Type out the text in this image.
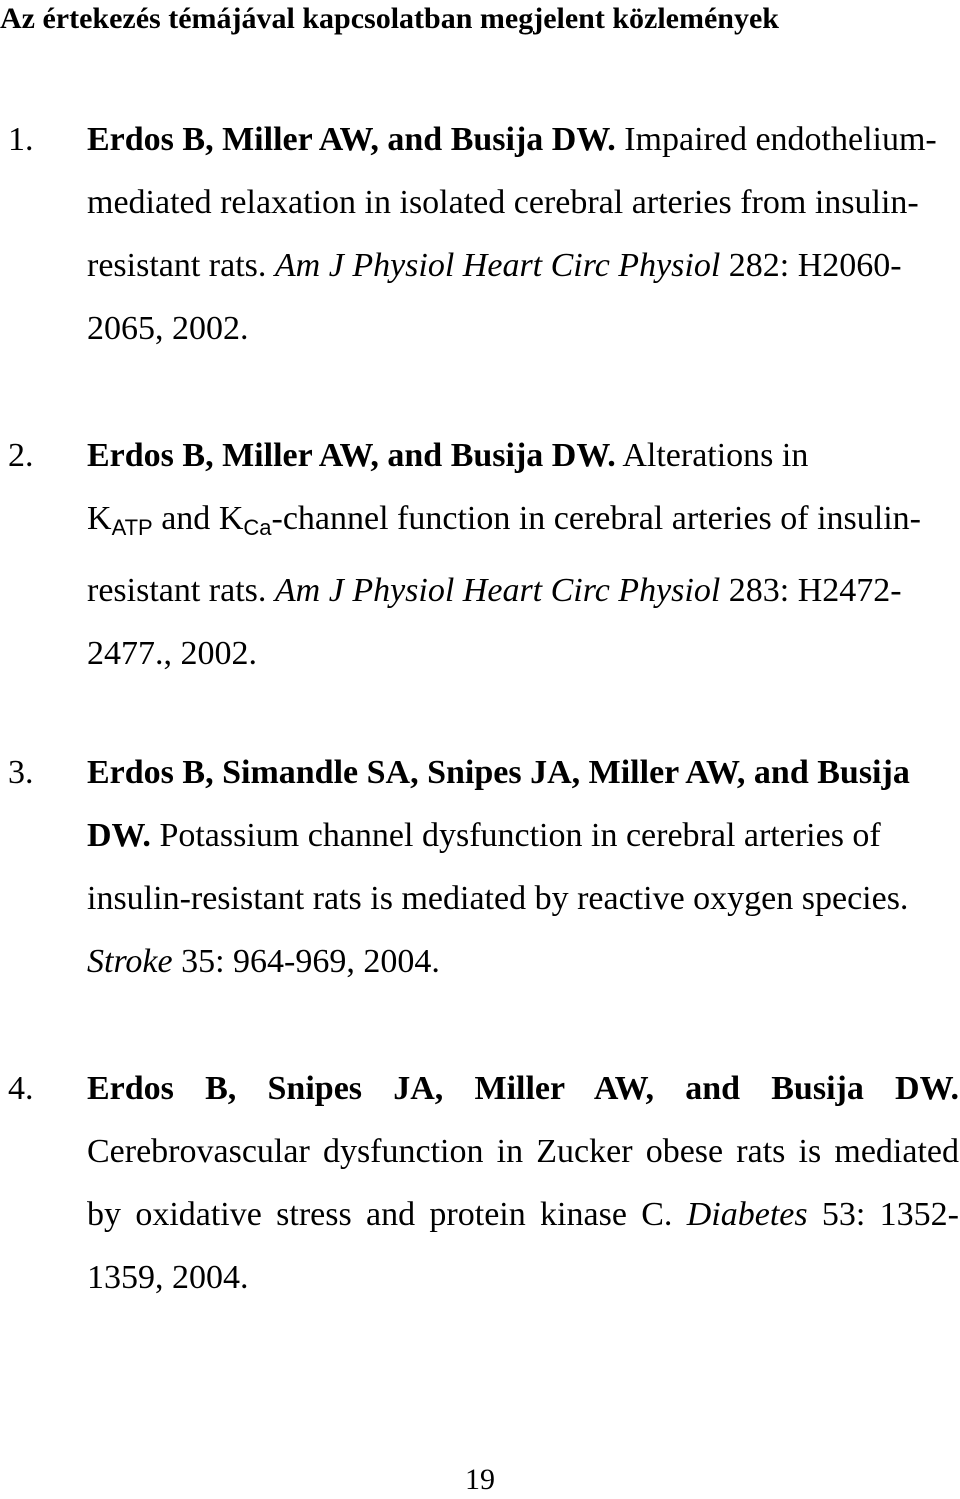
Az értekezés témájával kapcsolatban megjelent közlemények
1. Erdos B, Miller AW, and Busija DW. Impaired endothelium-mediated relaxation in isolated cerebral arteries from insulin-resistant rats. Am J Physiol Heart Circ Physiol 282: H2060-2065, 2002.
2. Erdos B, Miller AW, and Busija DW. Alterations in
$K_{ATP}$ and $K_{Ca}$-channel function in cerebral arteries of insulin-resistant rats. Am J Physiol Heart Circ Physiol 283: H2472-2477., 2002.
3. Erdos B, Simandle SA, Snipes JA, Miller AW, and Busija DW. Potassium channel dysfunction in cerebral arteries of insulin-resistant rats is mediated by reactive oxygen species. Stroke 35: 964-969, 2004.
4. Erdos B, Snipes JA, Miller AW, and Busija DW. Cerebrovascular dysfunction in Zucker obese rats is mediated by oxidative stress and protein kinase C. Diabetes 53: 1352-1359, 2004.
19
